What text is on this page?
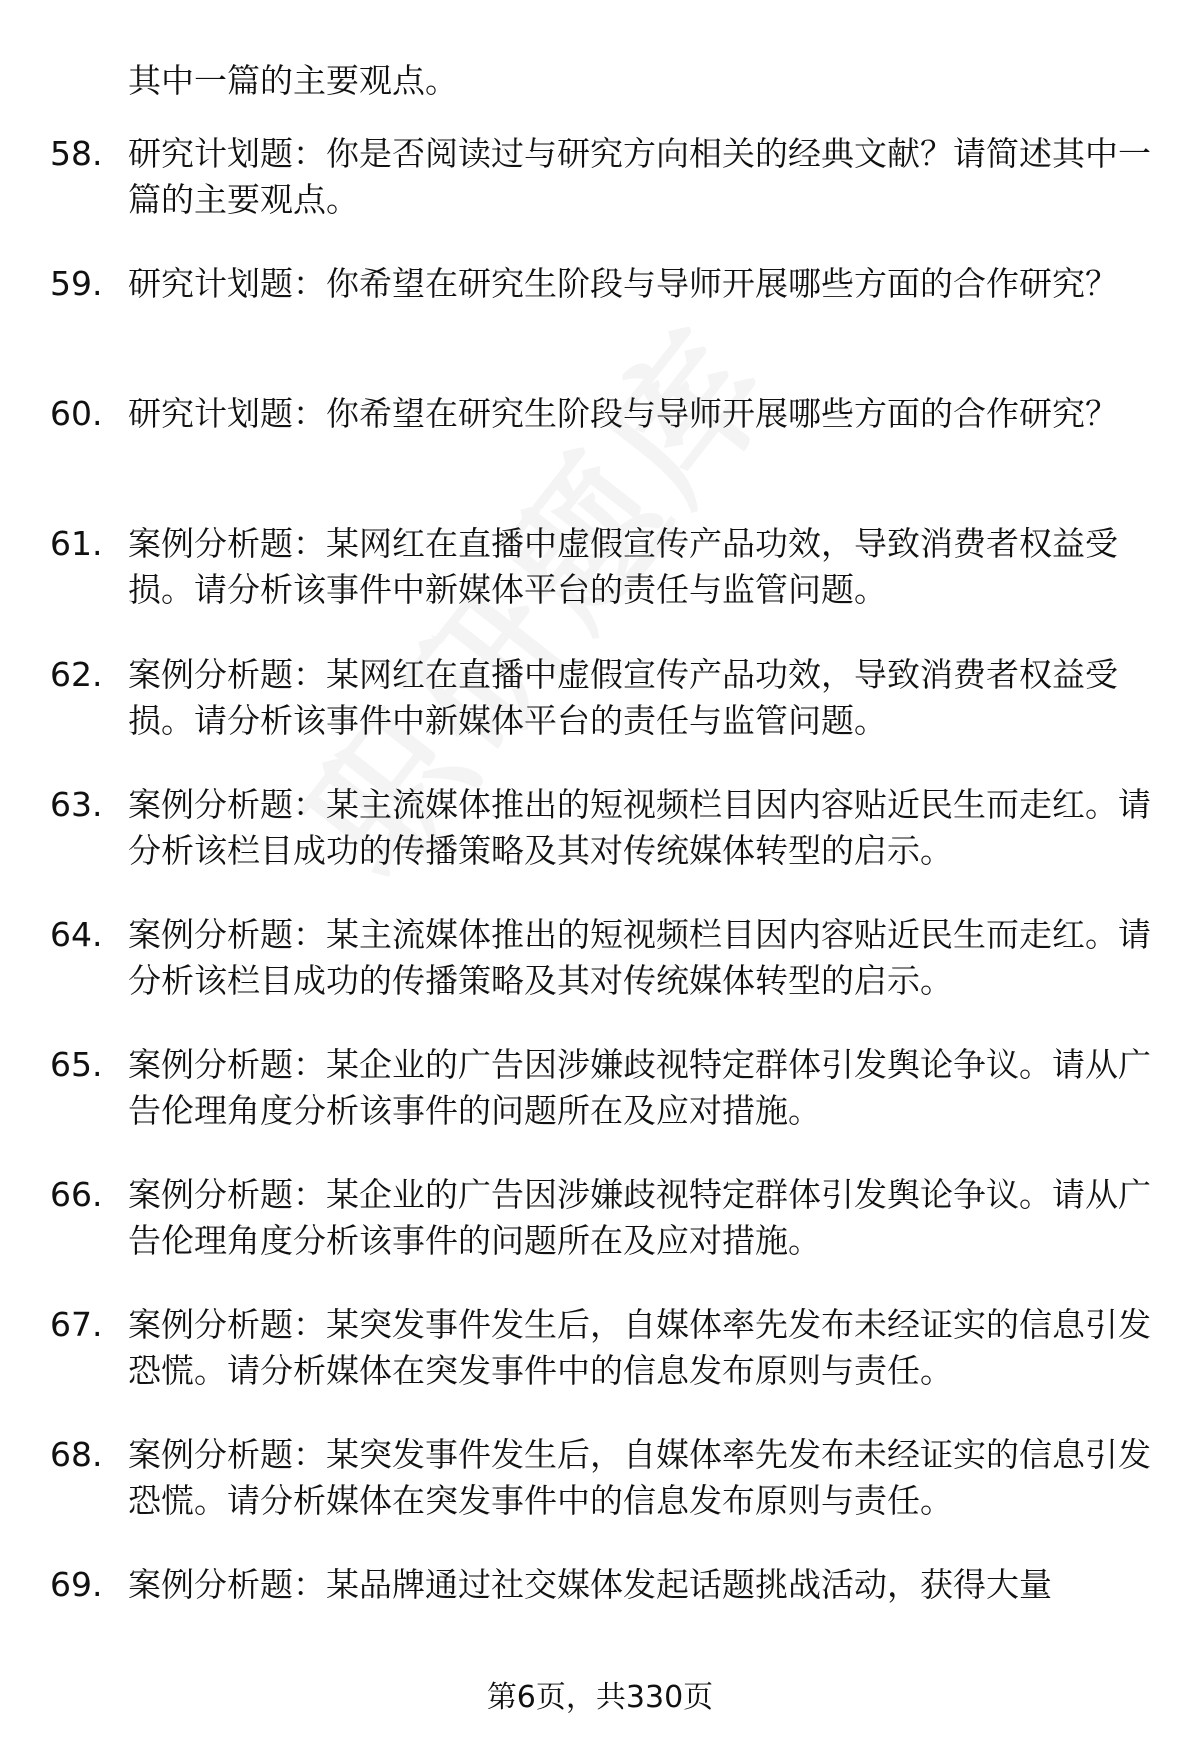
其中一篇的主要观点。
58. 研究计划题：你是否阅读过与研究方向相关的经典文献？请简述其中一篇的主要观点。
59. 研究计划题：你希望在研究生阶段与导师开展哪些方面的合作研究？
60. 研究计划题：你希望在研究生阶段与导师开展哪些方面的合作研究？
61. 案例分析题：某网红在直播中虚假宣传产品功效，导致消费者权益受损。请分析该事件中新媒体平台的责任与监管问题。
62. 案例分析题：某网红在直播中虚假宣传产品功效，导致消费者权益受损。请分析该事件中新媒体平台的责任与监管问题。
63. 案例分析题：某主流媒体推出的短视频栏目因内容贴近民生而走红。请分析该栏目成功的传播策略及其对传统媒体转型的启示。
64. 案例分析题：某主流媒体推出的短视频栏目因内容贴近民生而走红。请分析该栏目成功的传播策略及其对传统媒体转型的启示。
65. 案例分析题：某企业的广告因涉嫌歧视特定群体引发舆论争议。请从广告伦理角度分析该事件的问题所在及应对措施。
66. 案例分析题：某企业的广告因涉嫌歧视特定群体引发舆论争议。请从广告伦理角度分析该事件的问题所在及应对措施。
67. 案例分析题：某突发事件发生后，自媒体率先发布未经证实的信息引发恐慌。请分析媒体在突发事件中的信息发布原则与责任。
68. 案例分析题：某突发事件发生后，自媒体率先发布未经证实的信息引发恐慌。请分析媒体在突发事件中的信息发布原则与责任。
69. 案例分析题：某品牌通过社交媒体发起话题挑战活动，获得大量
第6页，共330页
